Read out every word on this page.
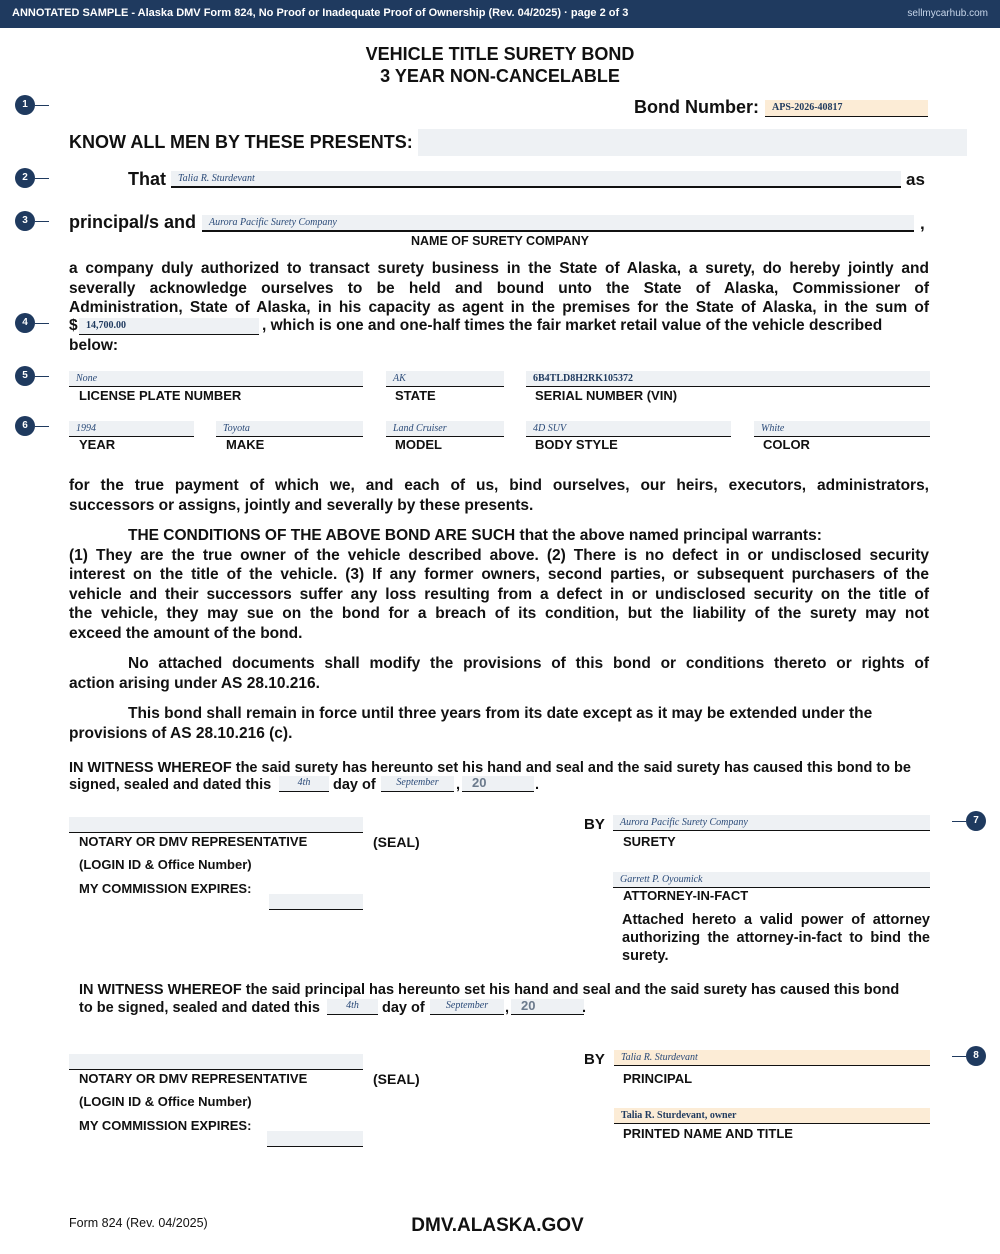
ANNOTATED SAMPLE - Alaska DMV Form 824, No Proof or Inadequate Proof of Ownership (Rev. 04/2025) · page 2 of 3	sellmycarhub.com
VEHICLE TITLE SURETY BOND
3 YEAR NON-CANCELABLE
1	Bond Number: APS-2026-40817
KNOW ALL MEN BY THESE PRESENTS:
2	That Talia R. Sturdevant	as
3	principal/s and Aurora Pacific Surety Company	,
NAME OF SURETY COMPANY
a company duly authorized to transact surety business in the State of Alaska, a surety, do hereby jointly and
severally acknowledge ourselves to be held and bound unto the State of Alaska, Commissioner of
Administration, State of Alaska, in his capacity as agent in the premises for the State of Alaska, in the sum of
4	$ 14,700.00	, which is one and one-half times the fair market retail value of the vehicle described
below:
5	None
LICENSE PLATE NUMBER
AK
STATE
6B4TLD8H2RK105372
SERIAL NUMBER (VIN)
6	1994
YEAR
Toyota
MAKE
Land Cruiser
MODEL
4D SUV
BODY STYLE
White
COLOR
for the true payment of which we, and each of us, bind ourselves, our heirs, executors, administrators,
successors or assigns, jointly and severally by these presents.
THE CONDITIONS OF THE ABOVE BOND ARE SUCH that the above named principal warrants:
(1) They are the true owner of the vehicle described above. (2) There is no defect in or undisclosed security
interest on the title of the vehicle. (3) If any former owners, second parties, or subsequent purchasers of the
vehicle and their successors suffer any loss resulting from a defect in or undisclosed security on the title of
the vehicle, they may sue on the bond for a breach of its condition, but the liability of the surety may not
exceed the amount of the bond.
No attached documents shall modify the provisions of this bond or conditions thereto or rights of
action arising under AS 28.10.216.
This bond shall remain in force until three years from its date except as it may be extended under the
provisions of AS 28.10.216 (c).
IN WITNESS WHEREOF the said surety has hereunto set his hand and seal and the said surety has caused this bond to be
signed, sealed and dated this	4th	day of	September	, 20	.
NOTARY OR DMV REPRESENTATIVE	(SEAL)
(LOGIN ID & Office Number)
MY COMMISSION EXPIRES:
BY	7
Aurora Pacific Surety Company
SURETY
Garrett P. Oyoumick
ATTORNEY-IN-FACT
Attached hereto a valid power of attorney
authorizing the attorney-in-fact to bind the
surety.
IN WITNESS WHEREOF the said principal has hereunto set his hand and seal and the said surety has caused this bond
to be signed, sealed and dated this	4th	day of	September	, 20	.
NOTARY OR DMV REPRESENTATIVE	(SEAL)
(LOGIN ID & Office Number)
MY COMMISSION EXPIRES:
BY	8
Talia R. Sturdevant
PRINCIPAL
Talia R. Sturdevant, owner
PRINTED NAME AND TITLE
Form 824 (Rev. 04/2025)	DMV.ALASKA.GOV
